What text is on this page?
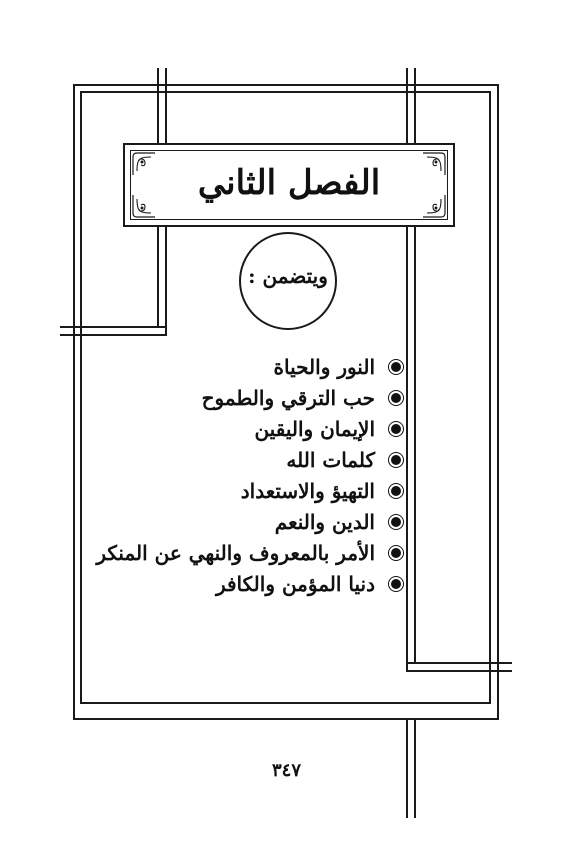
الفصل الثاني
ويتضمن :
النور والحياة
حب الترقي والطموح
الإيمان واليقين
كلمات الله
التهيؤ والاستعداد
الدين والنعم
الأمر بالمعروف والنهي عن المنكر
دنيا المؤمن والكافر
٣٤٧
